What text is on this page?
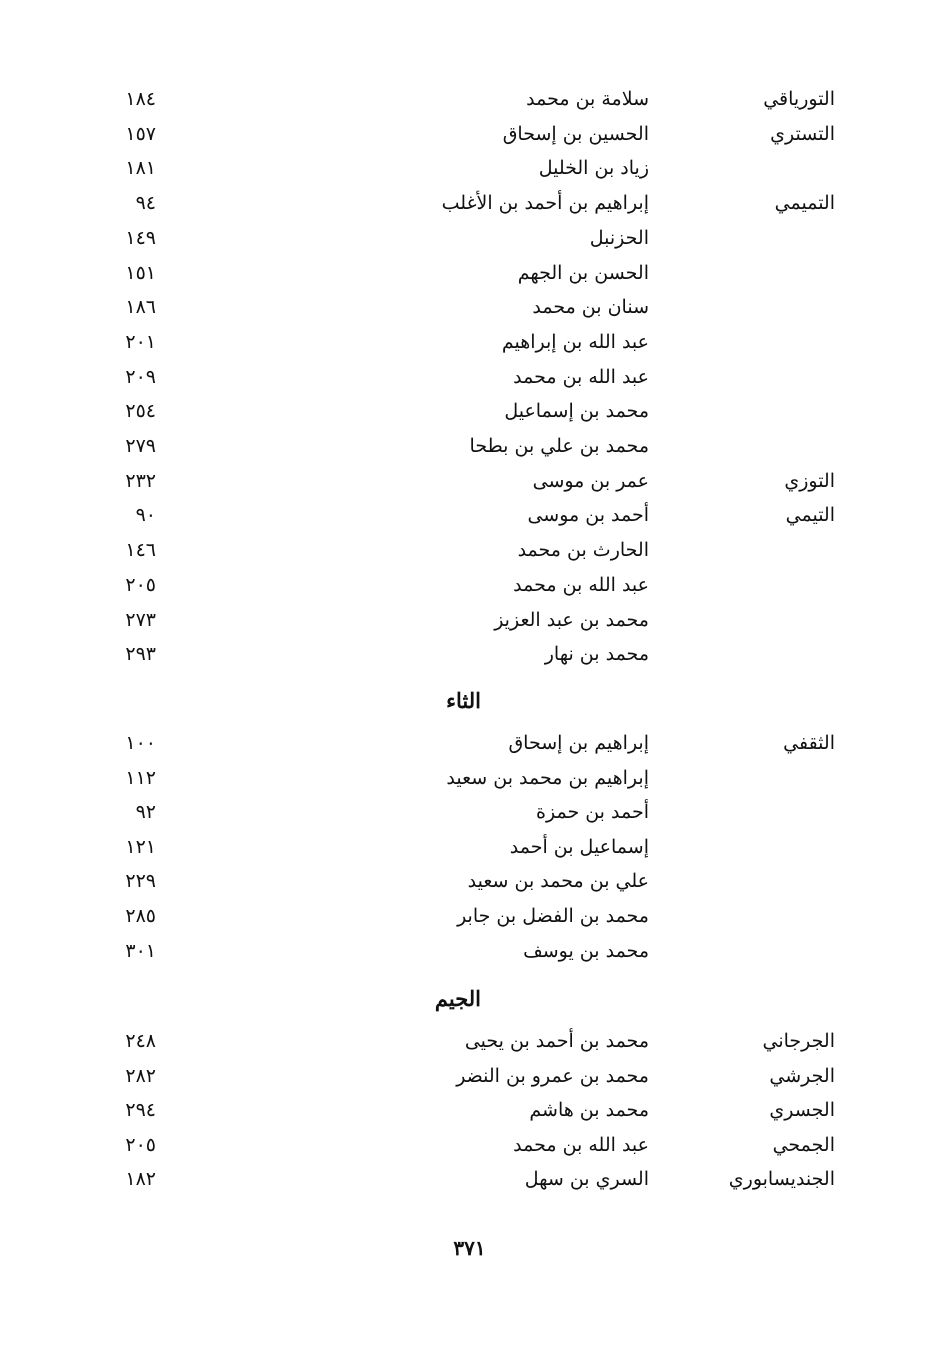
التورياقي
سلامة بن محمد
١٨٤
التستري
الحسين بن إسحاق
١٥٧
زياد بن الخليل
١٨١
التميمي
إبراهيم بن أحمد بن الأغلب
٩٤
الحزنبل
١٤٩
الحسن بن الجهم
١٥١
سنان بن محمد
١٨٦
عبد الله بن إبراهيم
٢٠١
عبد الله بن محمد
٢٠٩
محمد بن إسماعيل
٢٥٤
محمد بن علي بن بطحا
٢٧٩
التوزي
عمر بن موسى
٢٣٢
التيمي
أحمد بن موسى
٩٠
الحارث بن محمد
١٤٦
عبد الله بن محمد
٢٠٥
محمد بن عبد العزيز
٢٧٣
محمد بن نهار
٢٩٣
الثاء
الثقفي
إبراهيم بن إسحاق
١٠٠
إبراهيم بن محمد بن سعيد
١١٢
أحمد بن حمزة
٩٢
إسماعيل بن أحمد
١٢١
علي بن محمد بن سعيد
٢٢٩
محمد بن الفضل بن جابر
٢٨٥
محمد بن يوسف
٣٠١
الجيم
الجرجاني
محمد بن أحمد بن يحيى
٢٤٨
الجرشي
محمد بن عمرو بن النضر
٢٨٢
الجسري
محمد بن هاشم
٢٩٤
الجمحي
عبد الله بن محمد
٢٠٥
الجنديسابوري
السري بن سهل
١٨٢
٣٧١
